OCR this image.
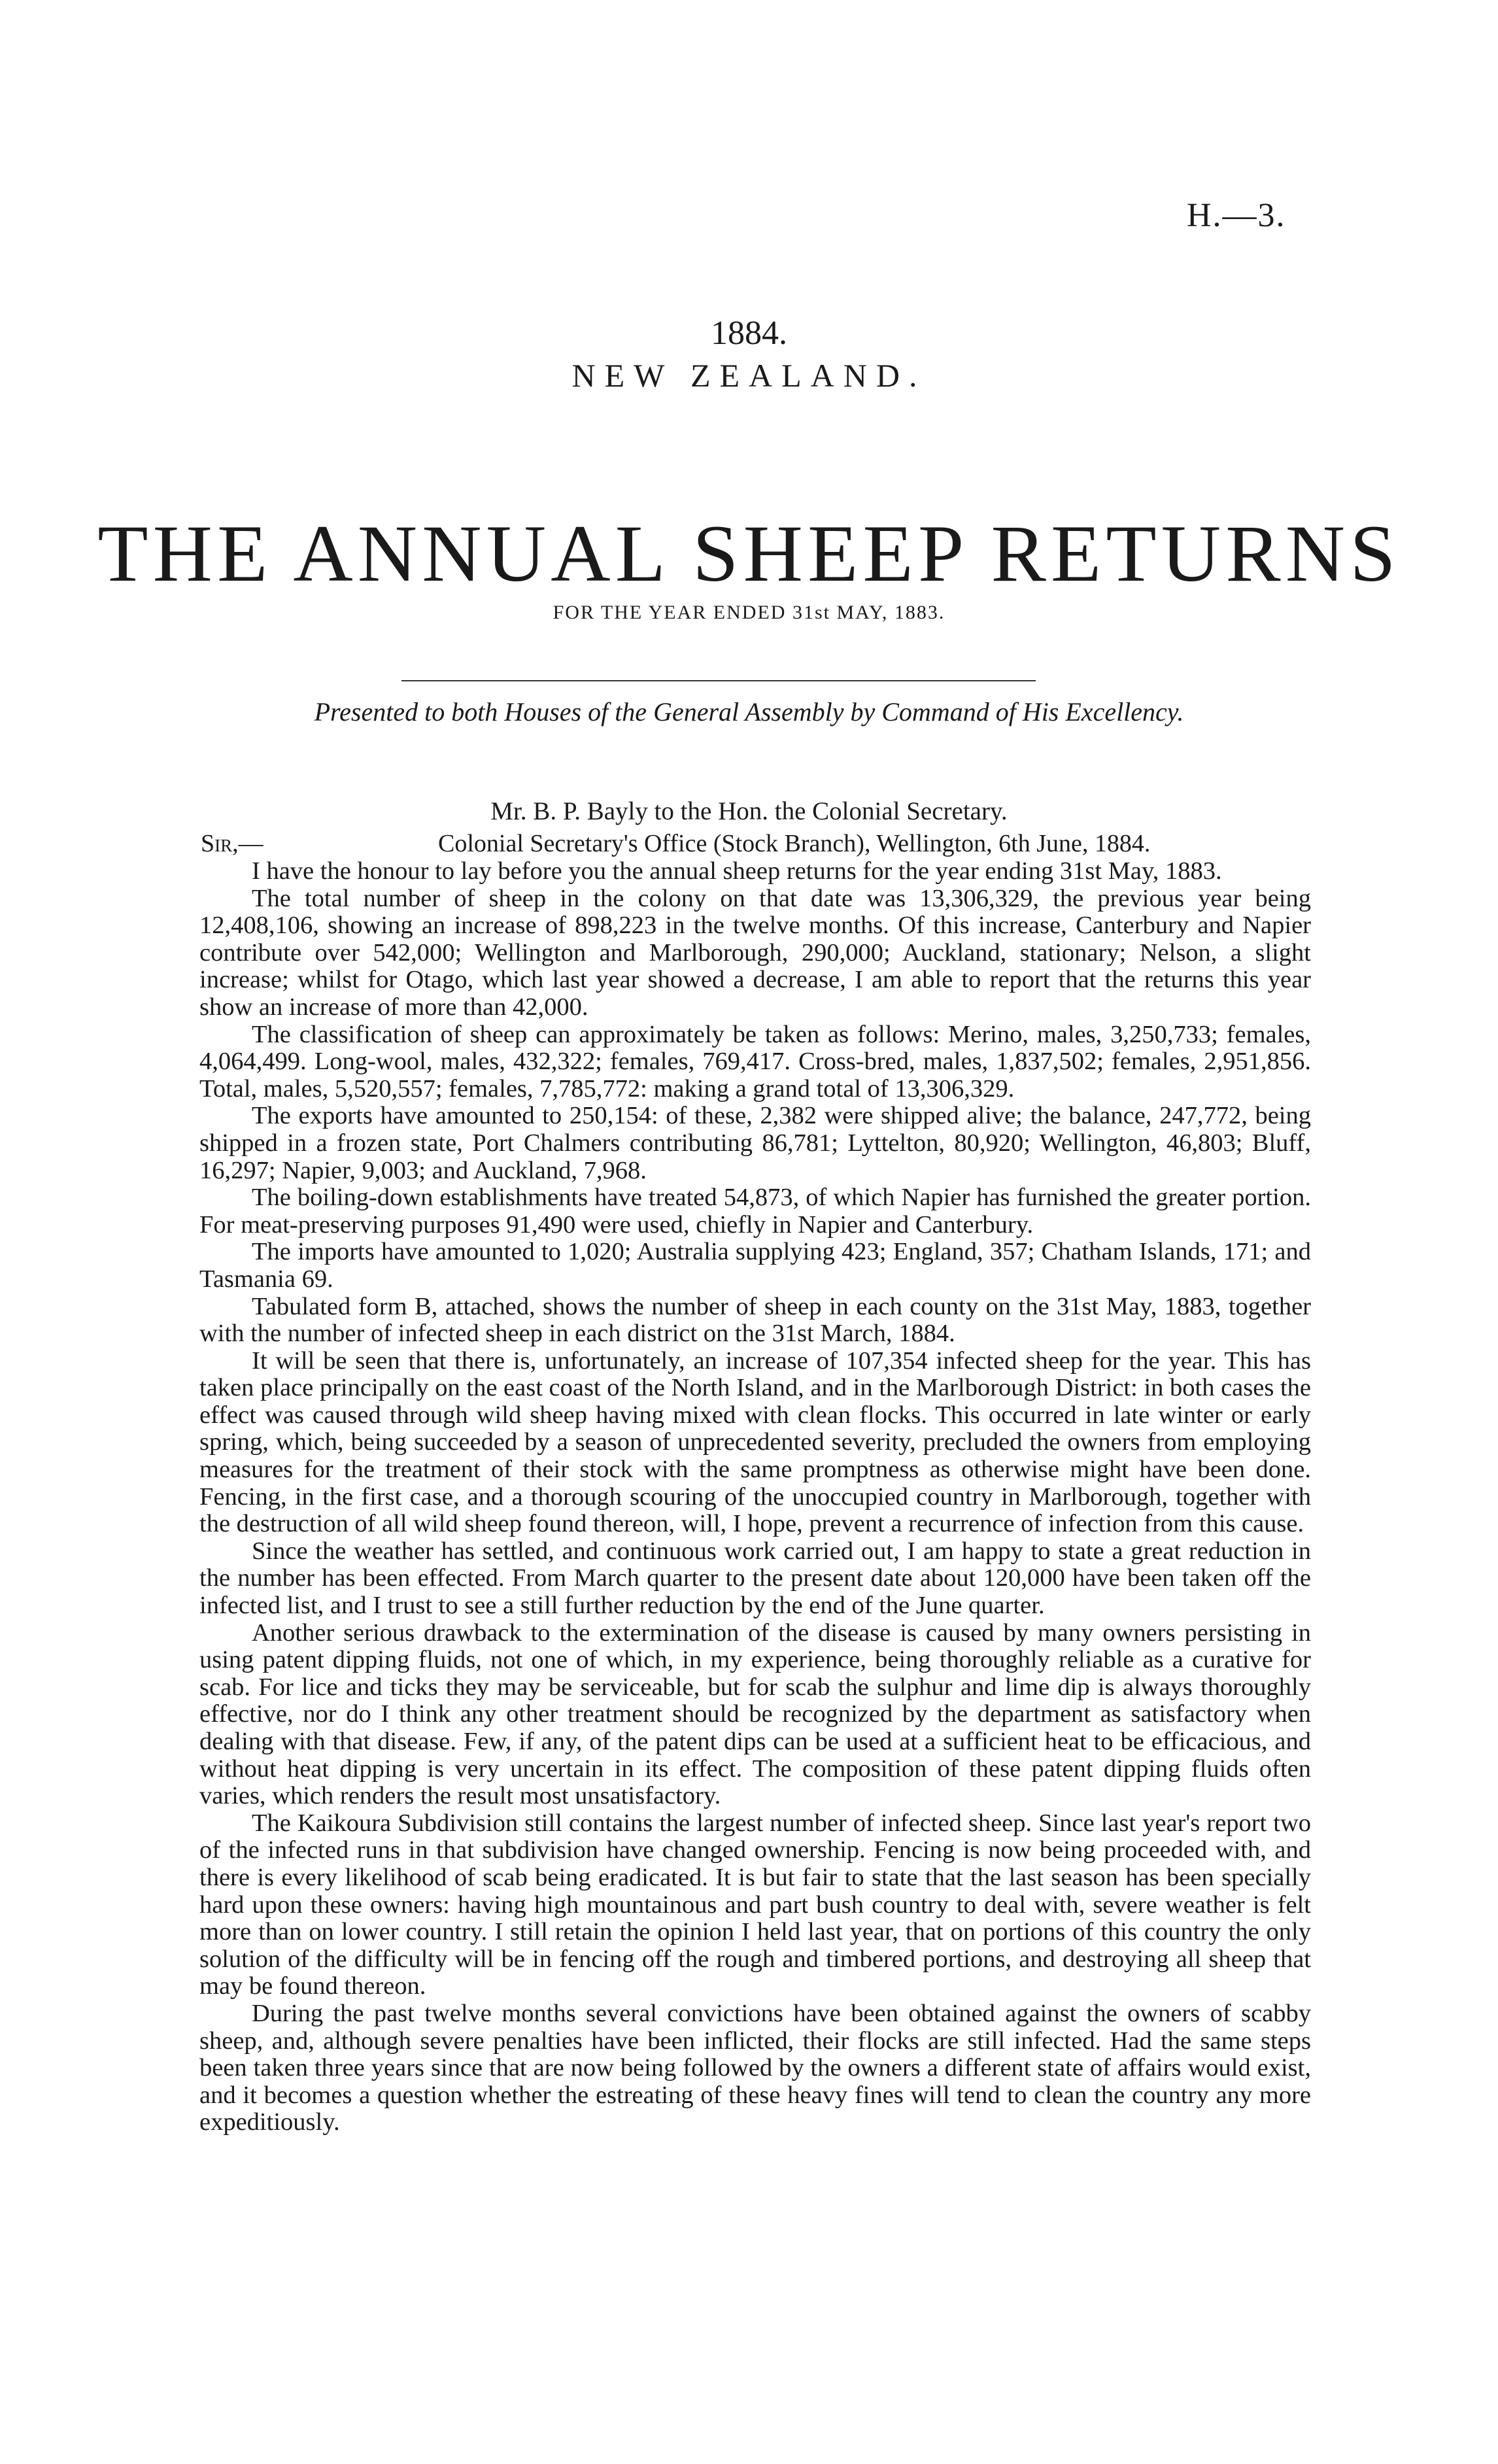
H.—3.
1884.
NEW ZEALAND.
THE ANNUAL SHEEP RETURNS
FOR THE YEAR ENDED 31st MAY, 1883.
Presented to both Houses of the General Assembly by Command of His Excellency.
Mr. B. P. Bayly to the Hon. the Colonial Secretary.
Sir,—	Colonial Secretary's Office (Stock Branch), Wellington, 6th June, 1884.

I have the honour to lay before you the annual sheep returns for the year ending 31st May, 1883.

The total number of sheep in the colony on that date was 13,306,329, the previous year being 12,408,106, showing an increase of 898,223 in the twelve months. Of this increase, Canterbury and Napier contribute over 542,000; Wellington and Marlborough, 290,000; Auckland, stationary; Nelson, a slight increase; whilst for Otago, which last year showed a decrease, I am able to report that the returns this year show an increase of more than 42,000.

The classification of sheep can approximately be taken as follows: Merino, males, 3,250,733; females, 4,064,499. Long-wool, males, 432,322; females, 769,417. Cross-bred, males, 1,837,502; females, 2,951,856. Total, males, 5,520,557; females, 7,785,772: making a grand total of 13,306,329.

The exports have amounted to 250,154: of these, 2,382 were shipped alive; the balance, 247,772, being shipped in a frozen state, Port Chalmers contributing 86,781; Lyttelton, 80,920; Wellington, 46,803; Bluff, 16,297; Napier, 9,003; and Auckland, 7,968.

The boiling-down establishments have treated 54,873, of which Napier has furnished the greater portion. For meat-preserving purposes 91,490 were used, chiefly in Napier and Canterbury.

The imports have amounted to 1,020; Australia supplying 423; England, 357; Chatham Islands, 171; and Tasmania 69.

Tabulated form B, attached, shows the number of sheep in each county on the 31st May, 1883, together with the number of infected sheep in each district on the 31st March, 1884.

It will be seen that there is, unfortunately, an increase of 107,354 infected sheep for the year. This has taken place principally on the east coast of the North Island, and in the Marlborough District: in both cases the effect was caused through wild sheep having mixed with clean flocks. This occurred in late winter or early spring, which, being succeeded by a season of unprecedented severity, precluded the owners from employing measures for the treatment of their stock with the same promptness as otherwise might have been done. Fencing, in the first case, and a thorough scouring of the unoccupied country in Marlborough, together with the destruction of all wild sheep found thereon, will, I hope, prevent a recurrence of infection from this cause.

Since the weather has settled, and continuous work carried out, I am happy to state a great reduction in the number has been effected. From March quarter to the present date about 120,000 have been taken off the infected list, and I trust to see a still further reduction by the end of the June quarter.

Another serious drawback to the extermination of the disease is caused by many owners persisting in using patent dipping fluids, not one of which, in my experience, being thoroughly reliable as a curative for scab. For lice and ticks they may be serviceable, but for scab the sulphur and lime dip is always thoroughly effective, nor do I think any other treatment should be recognized by the department as satisfactory when dealing with that disease. Few, if any, of the patent dips can be used at a sufficient heat to be efficacious, and without heat dipping is very uncertain in its effect. The composition of these patent dipping fluids often varies, which renders the result most unsatisfactory.

The Kaikoura Subdivision still contains the largest number of infected sheep. Since last year's report two of the infected runs in that subdivision have changed ownership. Fencing is now being proceeded with, and there is every likelihood of scab being eradicated. It is but fair to state that the last season has been specially hard upon these owners: having high mountainous and part bush country to deal with, severe weather is felt more than on lower country. I still retain the opinion I held last year, that on portions of this country the only solution of the difficulty will be in fencing off the rough and timbered portions, and destroying all sheep that may be found thereon.

During the past twelve months several convictions have been obtained against the owners of scabby sheep, and, although severe penalties have been inflicted, their flocks are still infected. Had the same steps been taken three years since that are now being followed by the owners a different state of affairs would exist, and it becomes a question whether the estreating of these heavy fines will tend to clean the country any more expeditiously.
